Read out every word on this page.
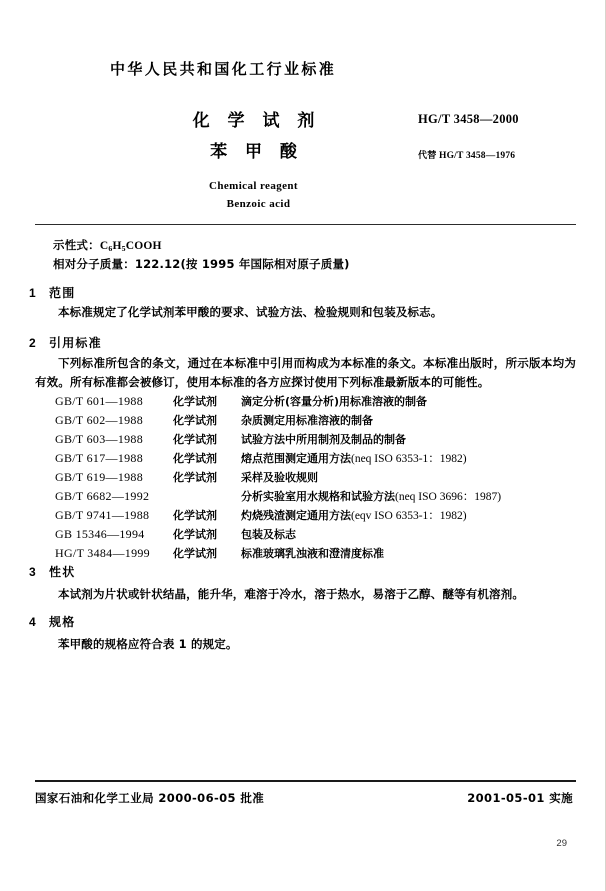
中华人民共和国化工行业标准
化 学 试 剂
苯 甲 酸
Chemical reagent
Benzoic acid
HG/T 3458—2000
代替 HG/T 3458—1976
示性式：$C_6H_5COOH$
相对分子质量：122.12(按 1995 年国际相对原子质量)
1 范围
本标准规定了化学试剂苯甲酸的要求、试验方法、检验规则和包装及标志。
2 引用标准
下列标准所包含的条文，通过在本标准中引用而构成为本标准的条文。本标准出版时，所示版本均为有效。所有标准都会被修订，使用本标准的各方应探讨使用下列标准最新版本的可能性。
GB/T 601—1988	化学试剂 滴定分析(容量分析)用标准溶液的制备
GB/T 602—1988	化学试剂 杂质测定用标准溶液的制备
GB/T 603—1988	化学试剂 试验方法中所用制剂及制品的制备
GB/T 617—1988	化学试剂 熔点范围测定通用方法(neq ISO 6353-1：1982)
GB/T 619—1988	化学试剂 采样及验收规则
GB/T 6682—1992	分析实验室用水规格和试验方法(neq ISO 3696：1987)
GB/T 9741—1988 化学试剂 灼烧残渣测定通用方法(eqv ISO 6353-1：1982)
GB 15346—1994	化学试剂 包装及标志
HG/T 3484—1999 化学试剂 标准玻璃乳浊液和澄清度标准
3 性状
本试剂为片状或针状结晶，能升华，难溶于冷水，溶于热水，易溶于乙醇、醚等有机溶剂。
4 规格
苯甲酸的规格应符合表 1 的规定。
国家石油和化学工业局 2000-06-05 批准	2001-05-01 实施
29
